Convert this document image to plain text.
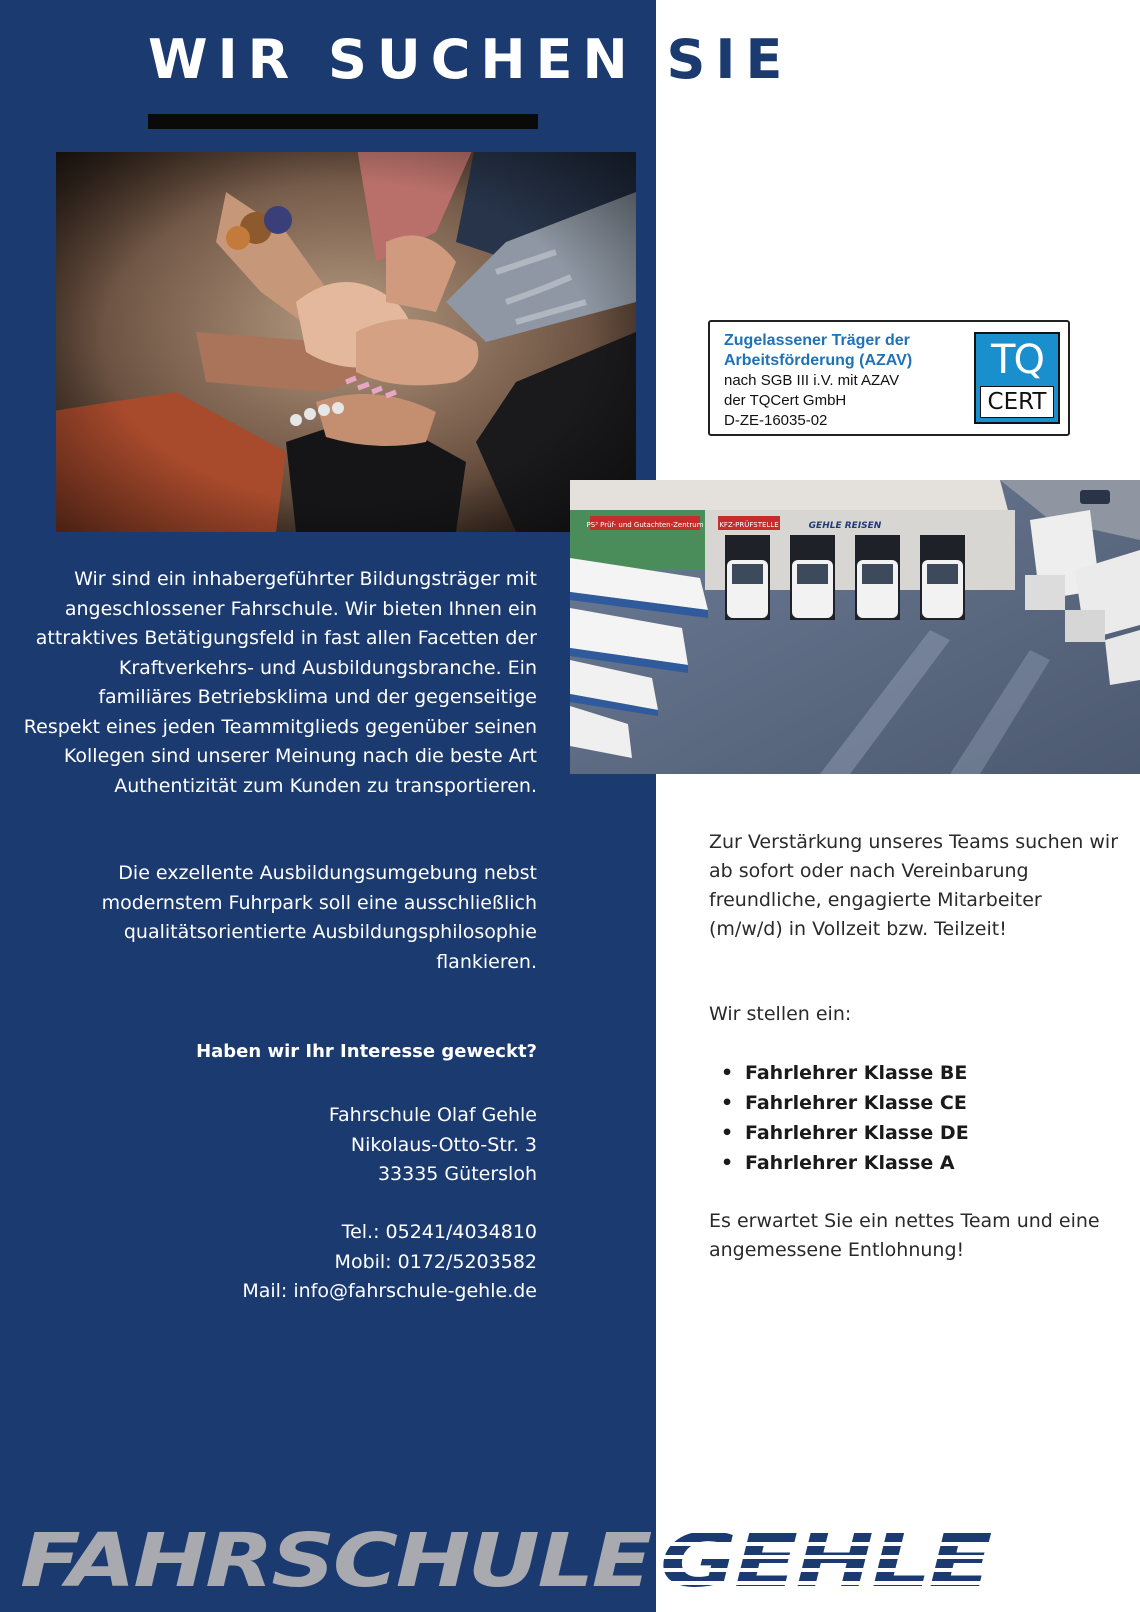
WIR SUCHEN SIE
Zugelassener Träger der
Arbeitsförderung (AZAV)
nach SGB III i.V. mit AZAV
der TQCert GmbH
D-ZE-16035-02
TQ
CERT
PS³ Prüf- und Gutachten-Zentrum KFZ-PRÜFSTELLE	GEHLE REISEN

Wir sind ein inhabergeführter Bildungsträger mit angeschlossener Fahrschule. Wir bieten Ihnen ein attraktives Betätigungsfeld in fast allen Facetten der Kraftverkehrs- und Ausbildungsbranche. Ein familiäres Betriebsklima und der gegenseitige Respekt eines jeden Teammitglieds gegenüber seinen Kollegen sind unserer Meinung nach die beste Art Authentizität zum Kunden zu transportieren.

Die exzellente Ausbildungsumgebung nebst modernstem Fuhrpark soll eine ausschließlich qualitätsorientierte Ausbildungsphilosophie flankieren.

Haben wir Ihr Interesse geweckt?

Fahrschule Olaf Gehle

Nikolaus-Otto-Str. 3

33335 Gütersloh

Tel.: 05241/4034810

Mobil: 0172/5203582

Mail: info@fahrschule-gehle.de

Zur Verstärkung unseres Teams suchen wir ab sofort oder nach Vereinbarung freundliche, engagierte Mitarbeiter (m/w/d) in Vollzeit bzw. Teilzeit!

Wir stellen ein:
• Fahrlehrer Klasse BE
• Fahrlehrer Klasse CE
• Fahrlehrer Klasse DE
• Fahrlehrer Klasse A

Es erwartet Sie ein nettes Team und eine angemessene Entlohnung!

FAHRSCHULE GEHLE
